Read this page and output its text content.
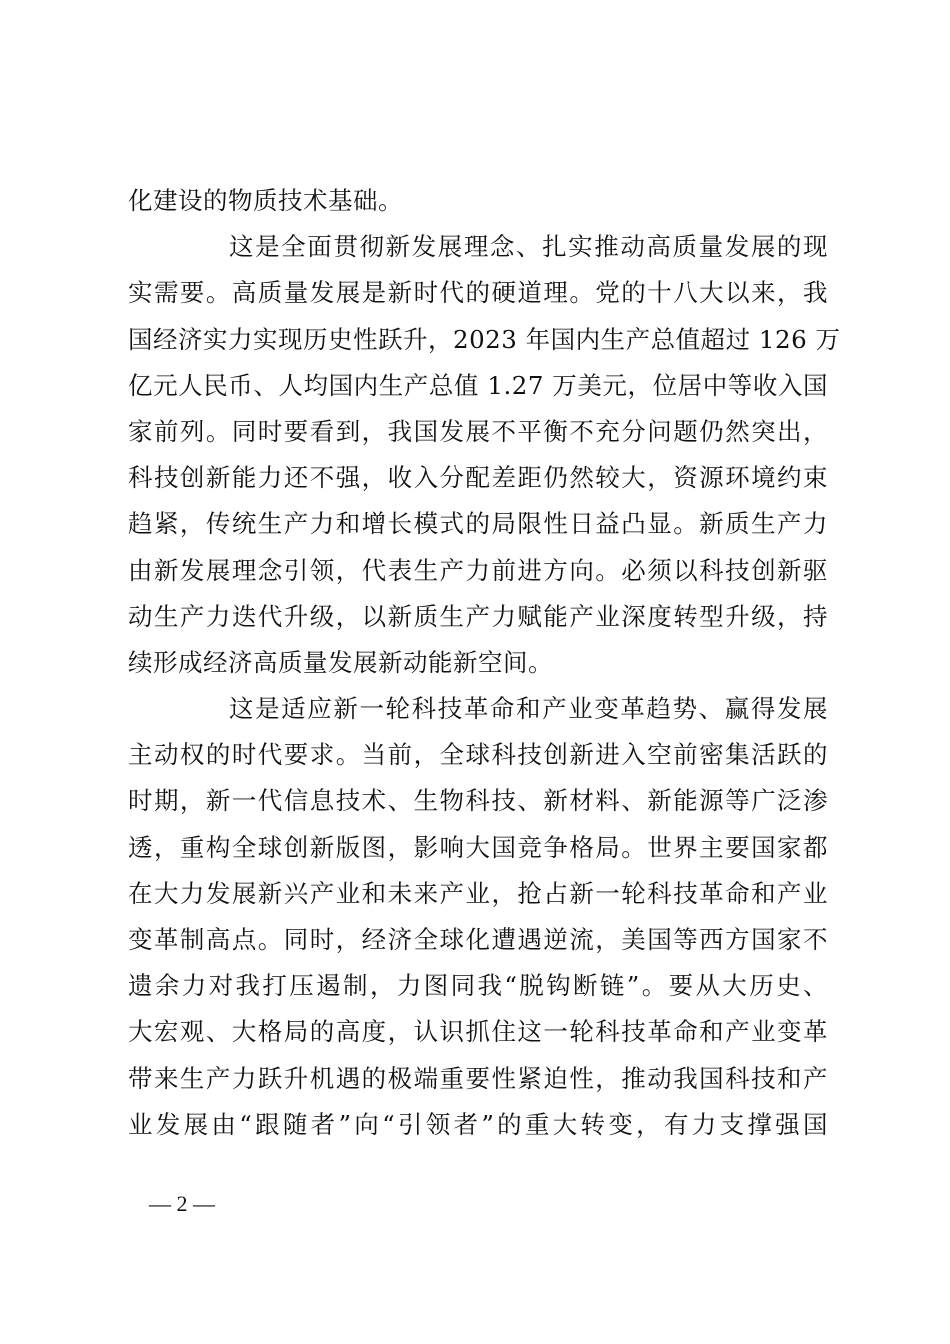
化建设的物质技术基础。
这是全面贯彻新发展理念、扎实推动高质量发展的现
实需要。高质量发展是新时代的硬道理。党的十八大以来，我
国经济实力实现历史性跃升，2023 年国内生产总值超过 126 万
亿元人民币、人均国内生产总值 1.27 万美元，位居中等收入国
家前列。同时要看到，我国发展不平衡不充分问题仍然突出，
科技创新能力还不强，收入分配差距仍然较大，资源环境约束
趋紧，传统生产力和增长模式的局限性日益凸显。新质生产力
由新发展理念引领，代表生产力前进方向。必须以科技创新驱
动生产力迭代升级，以新质生产力赋能产业深度转型升级，持
续形成经济高质量发展新动能新空间。
这是适应新一轮科技革命和产业变革趋势、赢得发展
主动权的时代要求。当前，全球科技创新进入空前密集活跃的
时期，新一代信息技术、生物科技、新材料、新能源等广泛渗
透，重构全球创新版图，影响大国竞争格局。世界主要国家都
在大力发展新兴产业和未来产业，抢占新一轮科技革命和产业
变革制高点。同时，经济全球化遭遇逆流，美国等西方国家不
遗余力对我打压遏制，力图同我“脱钩断链”。要从大历史、
大宏观、大格局的高度，认识抓住这一轮科技革命和产业变革
带来生产力跃升机遇的极端重要性紧迫性，推动我国科技和产
业发展由“跟随者”向“引领者”的重大转变，有力支撑强国
— 2 —
